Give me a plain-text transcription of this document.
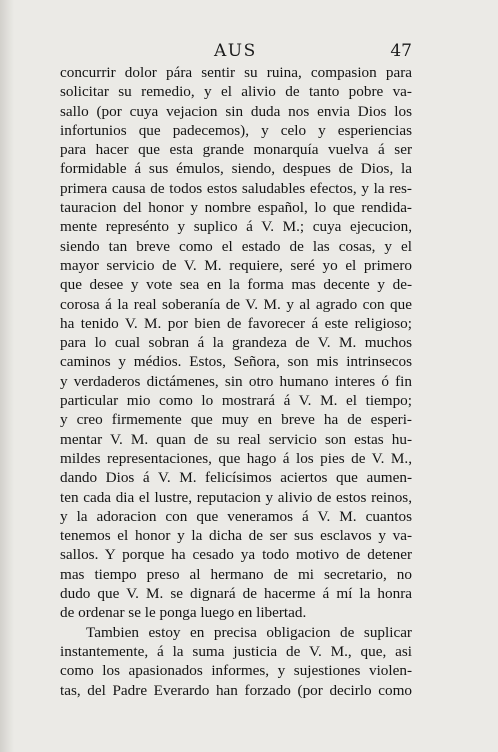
AUS	47
concurrir dolor pára sentir su ruina, compasion para
solicitar su remedio, y el alivio de tanto pobre va-
sallo (por cuya vejacion sin duda nos envia Dios los
infortunios que padecemos), y celo y esperiencias
para hacer que esta grande monarquía vuelva á ser
formidable á sus émulos, siendo, despues de Dios, la
primera causa de todos estos saludables efectos, y la res-
tauracion del honor y nombre español, lo que rendida-
mente represénto y suplico á V. M.; cuya ejecucion,
siendo tan breve como el estado de las cosas, y el
mayor servicio de V. M. requiere, seré yo el primero
que desee y vote sea en la forma mas decente y de-
corosa á la real soberanía de V. M. y al agrado con que
ha tenido V. M. por bien de favorecer á este religioso;
para lo cual sobran á la grandeza de V. M. muchos
caminos y médios. Estos, Señora, son mis intrinsecos
y verdaderos dictámenes, sin otro humano interes ó fin
particular mio como lo mostrará á V. M. el tiempo;
y creo firmemente que muy en breve ha de esperi-
mentar V. M. quan de su real servicio son estas hu-
mildes representaciones, que hago á los pies de V. M.,
dando Dios á V. M. felicísimos aciertos que aumen-
ten cada dia el lustre, reputacion y alivio de estos reinos,
y la adoracion con que veneramos á V. M. cuantos
tenemos el honor y la dicha de ser sus esclavos y va-
sallos. Y porque ha cesado ya todo motivo de detener
mas tiempo preso al hermano de mi secretario, no
dudo que V. M. se dignará de hacerme á mí la honra
de ordenar se le ponga luego en libertad.
Tambien estoy en precisa obligacion de suplicar
instantemente, á la suma justicia de V. M., que, asi
como los apasionados informes, y sujestiones violen-
tas, del Padre Everardo han forzado (por decirlo como
